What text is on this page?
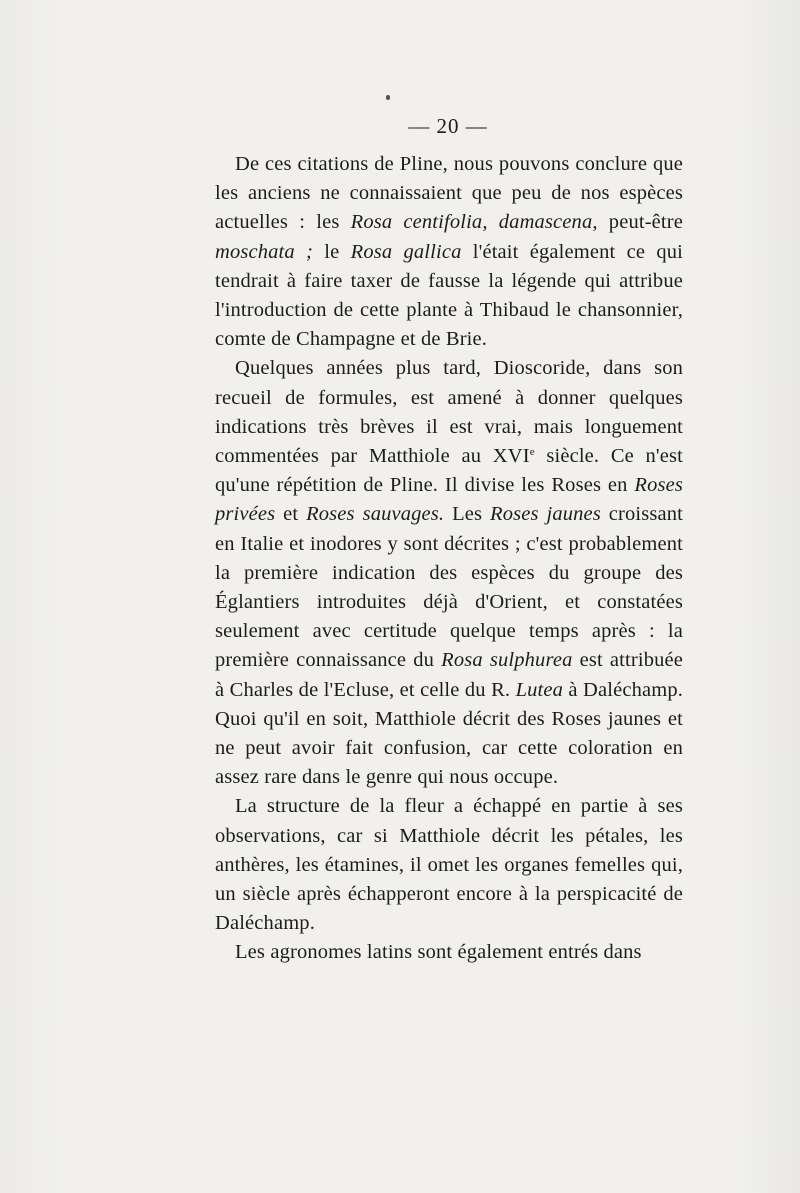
— 20 —

De ces citations de Pline, nous pouvons conclure que les anciens ne connaissaient que peu de nos espèces actuelles : les Rosa centifolia, damascena, peut-être moschata ; le Rosa gallica l'était également ce qui tendrait à faire taxer de fausse la légende qui attribue l'introduction de cette plante à Thibaud le chansonnier, comte de Champagne et de Brie.

Quelques années plus tard, Dioscoride, dans son recueil de formules, est amené à donner quelques indications très brèves il est vrai, mais longuement commentées par Matthiole au XVIe siècle. Ce n'est qu'une répétition de Pline. Il divise les Roses en Roses privées et Roses sauvages. Les Roses jaunes croissant en Italie et inodores y sont décrites ; c'est probablement la première indication des espèces du groupe des Églantiers introduites déjà d'Orient, et constatées seulement avec certitude quelque temps après : la première connaissance du Rosa sulphurea est attribuée à Charles de l'Ecluse, et celle du R. Lutea à Daléchamp. Quoi qu'il en soit, Matthiole décrit des Roses jaunes et ne peut avoir fait confusion, car cette coloration en assez rare dans le genre qui nous occupe.

La structure de la fleur a échappé en partie à ses observations, car si Matthiole décrit les pétales, les anthères, les étamines, il omet les organes femelles qui, un siècle après échapperont encore à la perspicacité de Daléchamp.

Les agronomes latins sont également entrés dans
